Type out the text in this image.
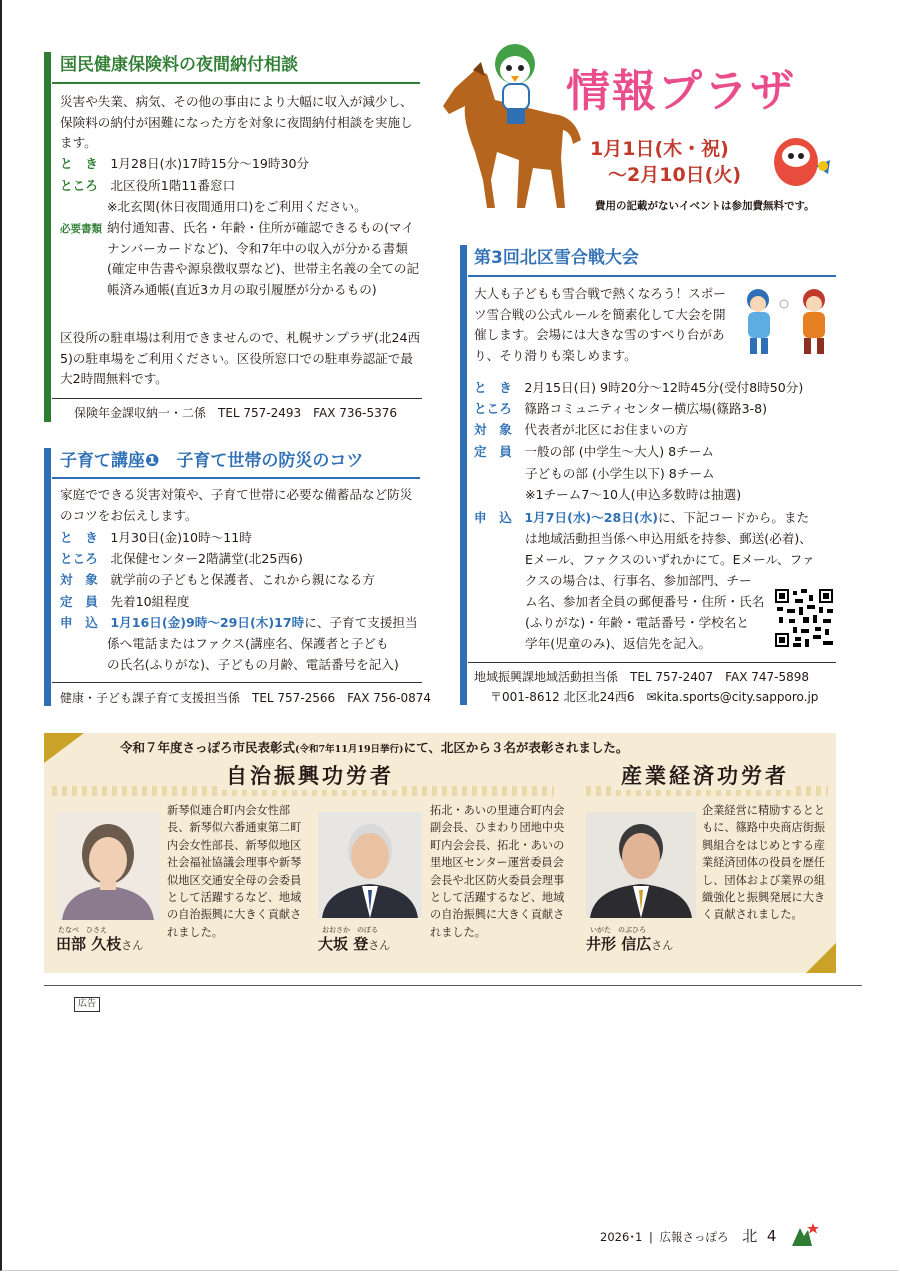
国民健康保険料の夜間納付相談
災害や失業、病気、その他の事由により大幅に収入が減少し、保険料の納付が困難になった方を対象に夜間納付相談を実施します。
と　き　 1月28日(水)17時15分～19時30分
ところ　 北区役所1階11番窓口
※北玄関(休日夜間通用口)をご利用ください。
必要書類 納付通知書、氏名・年齢・住所が確認できるもの(マイナンバーカードなど)、令和7年中の収入が分かる書類(確定申告書や源泉徴収票など)、世帯主名義の全ての記帳済み通帳(直近3カ月の取引履歴が分かるもの)
区役所の駐車場は利用できませんので、札幌サンプラザ(北24西5)の駐車場をご利用ください。区役所窓口での駐車券認証で最大2時間無料です。
保険年金課収納一・二係　TEL 757-2493　FAX 736-5376
情報プラザ
1月1日(木・祝)
～2月10日(火)
費用の記載がないイベントは参加費無料です。
第3回北区雪合戦大会
大人も子どもも雪合戦で熱くなろう！スポーツ雪合戦の公式ルールを簡素化して大会を開催します。会場には大きな雪のすべり台があり、そり滑りも楽しめます。
と　き　 2月15日(日) 9時20分～12時45分(受付8時50分)
ところ　 篠路コミュニティセンター横広場(篠路3-8)
対　象　 代表者が北区にお住まいの方
定　員　 一般の部 (中学生～大人) 8チーム
子どもの部 (小学生以下) 8チーム
※1チーム7～10人(申込多数時は抽選)
申　込　 1月7日(水)～28日(水)に、下記コードから。また
は地域活動担当係へ申込用紙を持参、郵送(必着)、
Eメール、ファクスのいずれかにて。Eメール、ファ
クスの場合は、行事名、参加部門、チー
ム名、参加者全員の郵便番号・住所・氏名
(ふりがな)・年齢・電話番号・学校名と
学年(児童のみ)、返信先を記入。
地域振興課地域活動担当係　TEL 757-2407　FAX 747-5898
〒001-8612 北区北24西6　✉kita.sports@city.sapporo.jp
子育て講座❶　子育て世帯の防災のコツ
家庭でできる災害対策や、子育て世帯に必要な備蓄品など防災のコツをお伝えします。
と　き　 1月30日(金)10時～11時
ところ　 北保健センター2階講堂(北25西6)
対　象　 就学前の子どもと保護者、これから親になる方
定　員　 先着10組程度
申　込　 1月16日(金)9時～29日(木)17時に、子育て支援担当
係へ電話またはファクス(講座名、保護者と子ども
の氏名(ふりがな)、子どもの月齢、電話番号を記入)
健康・子ども課子育て支援担当係　TEL 757-2566　FAX 756-0874
令和７年度さっぽろ市民表彰式(令和7年11月19日挙行)にて、北区から３名が表彰されました。
自治振興功労者	産業経済功労者
たなべ　ひさえ
田部 久枝さん
新琴似連合町内会女性部長、新琴似六番通東第二町内会女性部長、新琴似地区社会福祉協議会理事や新琴似地区交通安全母の会委員として活躍するなど、地域の自治振興に大きく貢献されました。	おおさか　のぼる
大坂 登さん
拓北・あいの里連合町内会副会長、ひまわり団地中央町内会会長、拓北・あいの里地区センター運営委員会会長や北区防火委員会理事として活躍するなど、地域の自治振興に大きく貢献されました。	いがた　のぶひろ
井形 信広さん
企業経営に精励するとともに、篠路中央商店街振興組合をはじめとする産業経済団体の役員を歴任し、団体および業界の組織強化と振興発展に大きく貢献されました。
広告
2026･1 | 広報さっぽろ 北 4
